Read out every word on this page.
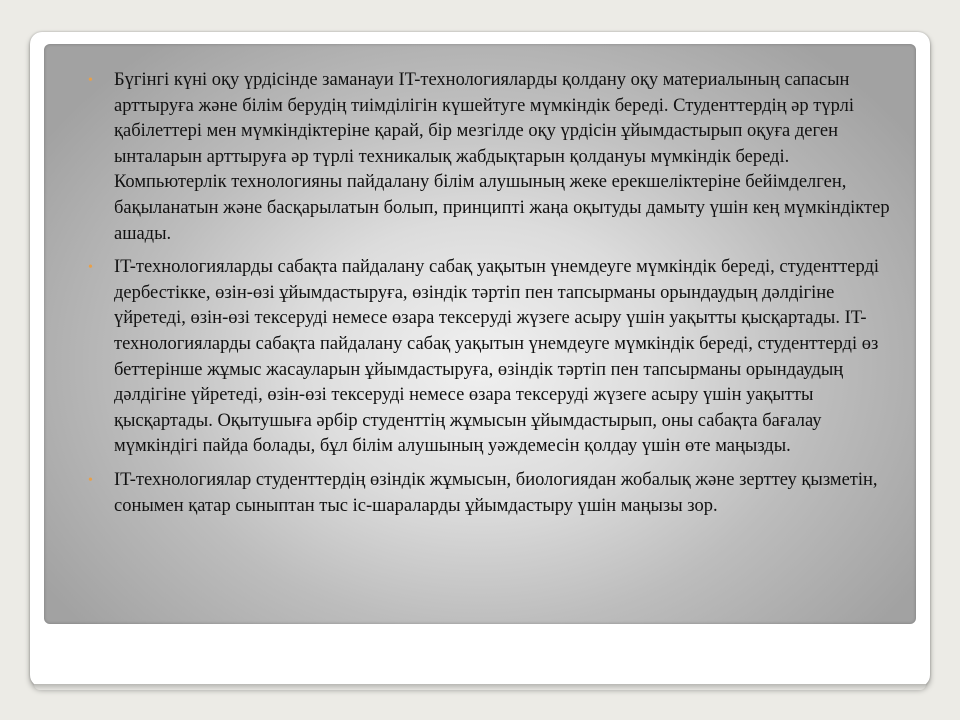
• Бүгінгі күні оқу үрдісінде заманауи IT-технологияларды қолдану оқу материалының сапасын арттыруға және білім берудің тиімділігін күшейтуге мүмкіндік береді. Студенттердің әр түрлі қабілеттері мен мүмкіндіктеріне қарай, бір мезгілде оқу үрдісін ұйымдастырып оқуға деген ынталарын арттыруға әр түрлі техникалық жабдықтарын қолдануы мүмкіндік береді. Компьютерлік технологияны пайдалану білім алушының жеке ерекшеліктеріне бейімделген, бақыланатын және басқарылатын болып, принципті жаңа оқытуды дамыту үшін кең мүмкіндіктер ашады.
• IT-технологияларды сабақта пайдалану сабақ уақытын үнемдеуге мүмкіндік береді, студенттерді дербестікке, өзін-өзі ұйымдастыруға, өзіндік тәртіп пен тапсырманы орындаудың дәлдігіне үйретеді, өзін-өзі тексеруді немесе өзара тексеруді жүзеге асыру үшін уақытты қысқартады. IT-технологияларды сабақта пайдалану сабақ уақытын үнемдеуге мүмкіндік береді, студенттерді өз беттерінше жұмыс жасауларын ұйымдастыруға, өзіндік тәртіп пен тапсырманы орындаудың дәлдігіне үйретеді, өзін-өзі тексеруді немесе өзара тексеруді жүзеге асыру үшін уақытты қысқартады. Оқытушыға әрбір студенттің жұмысын ұйымдастырып, оны сабақта бағалау мүмкіндігі пайда болады, бұл білім алушының уәждемесін қолдау үшін өте маңызды.
• IT-технологиялар студенттердің өзіндік жұмысын, биологиядан жобалық және зерттеу қызметін, сонымен қатар сыныптан тыс іс-шараларды ұйымдастыру үшін маңызы зор.
